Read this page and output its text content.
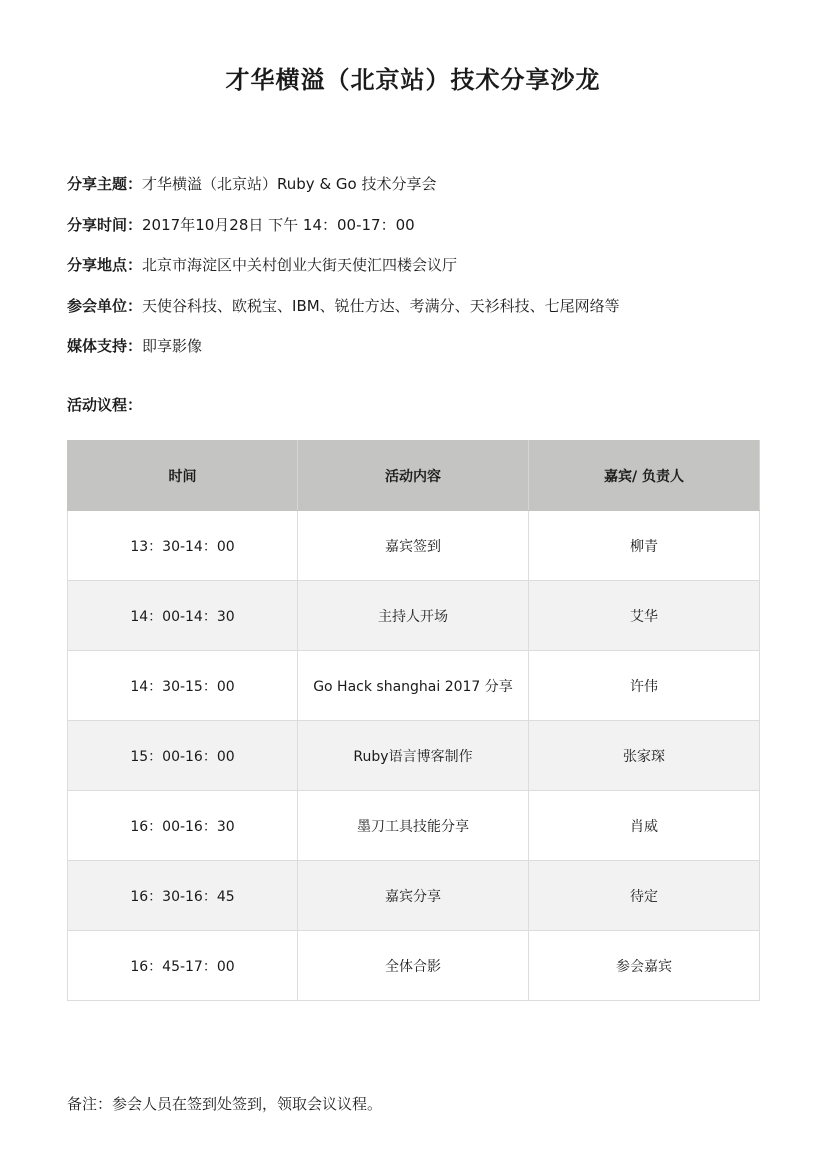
才华横溢（北京站）技术分享沙龙
分享主题：才华横溢（北京站）Ruby & Go 技术分享会
分享时间：2017年10月28日 下午 14：00-17：00
分享地点：北京市海淀区中关村创业大街天使汇四楼会议厅
参会单位：天使谷科技、欧税宝、IBM、锐仕方达、考满分、天衫科技、七尾网络等
媒体支持：即享影像
活动议程：
时间	活动内容	嘉宾/ 负责人
13：30-14：00	嘉宾签到	柳青
14：00-14：30	主持人开场	艾华
14：30-15：00	Go Hack shanghai 2017 分享	许伟
15：00-16：00	Ruby语言博客制作	张家琛
16：00-16：30	墨刀工具技能分享	肖威
16：30-16：45	嘉宾分享	待定
16：45-17：00	全体合影	参会嘉宾
备注：参会人员在签到处签到，领取会议议程。
